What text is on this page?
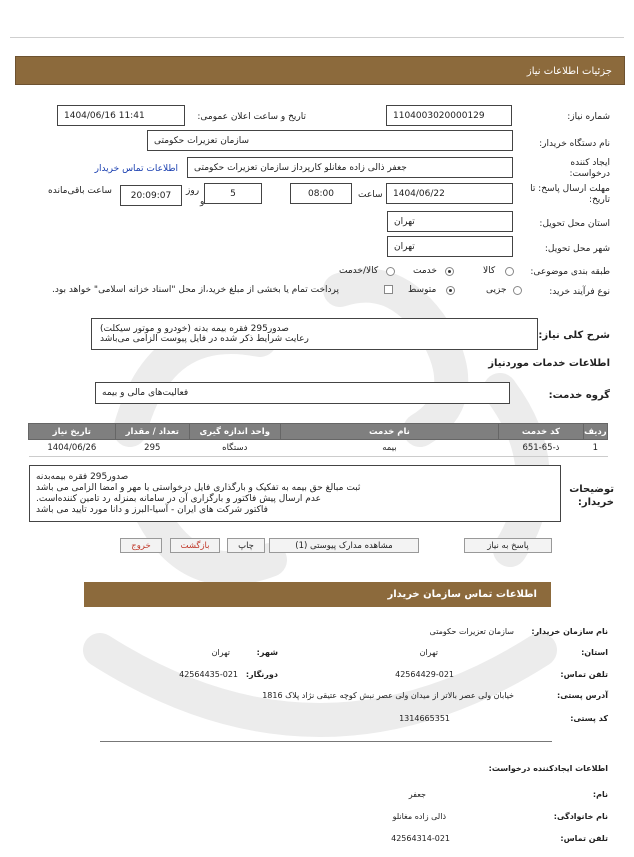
جزئیات اطلاعات نیاز
شماره نیاز:
1104003020000129
تاریخ و ساعت اعلان عمومی:
1404/06/16 11:41
نام دستگاه خریدار:
سازمان تعزیرات حکومتی
ایجاد کننده
درخواست:
جعفر ذالی زاده مغانلو کارپرداز سازمان تعزیرات حکومتی
اطلاعات تماس خریدار
مهلت ارسال پاسخ: تا
تاریخ:
1404/06/22
ساعت
08:00
5
روز
و
20:09:07
ساعت باقی‌مانده
استان محل تحویل:
تهران
شهر محل تحویل:
تهران
طبقه بندی موضوعی:
کالا
خدمت
کالا/خدمت
نوع فرآیند خرید:
جزیی
متوسط
پرداخت تمام یا بخشی از مبلغ خرید،از محل "اسناد خزانه اسلامی" خواهد بود.
شرح کلی نیاز:
صدور295 فقره بیمه بدنه (خودرو و موتور سیکلت)
رعایت شرایط ذکر شده در فایل پیوست الزامی می‌باشد
اطلاعات خدمات موردنیاز
گروه خدمت:
فعالیت‌های مالی و بیمه
ردیف	کد خدمت	نام خدمت	واحد اندازه گیری	تعداد / مقدار	تاریخ نیاز
1	ذ-65-651	بیمه	دستگاه	295	1404/06/26
توضیحات
خریدار:
صدور295 فقره بیمه‌بدنه
ثبت مبالغ حق بیمه به تفکیک و بارگذاری فایل درخواستی با مهر و امضا الزامی می باشد
عدم ارسال پیش فاکتور و بارگزاری آن در سامانه بمنزله رد تامین کننده‌است.
فاکتور شرکت های ایران - آسیا-البرز و دانا مورد تایید می باشد
پاسخ به نیاز
مشاهده مدارک پیوستی (1)
چاپ
بازگشت
خروج
اطلاعات تماس سازمان خریدار
نام سازمان خریدار:
سازمان تعزیرات حکومتی
استان:
تهران
شهر:
تهران
تلفن تماس:
42564429-021
دورنگار:
42564435-021
آدرس پستی:
خیابان ولی عصر بالاتر از میدان ولی عصر نبش کوچه عتیقی نژاد پلاک 1816
کد پستی:
1314665351
اطلاعات ایجادکننده درخواست:
نام:
جعفر
نام خانوادگی:
ذالی زاده مغانلو
تلفن تماس:
42564314-021
